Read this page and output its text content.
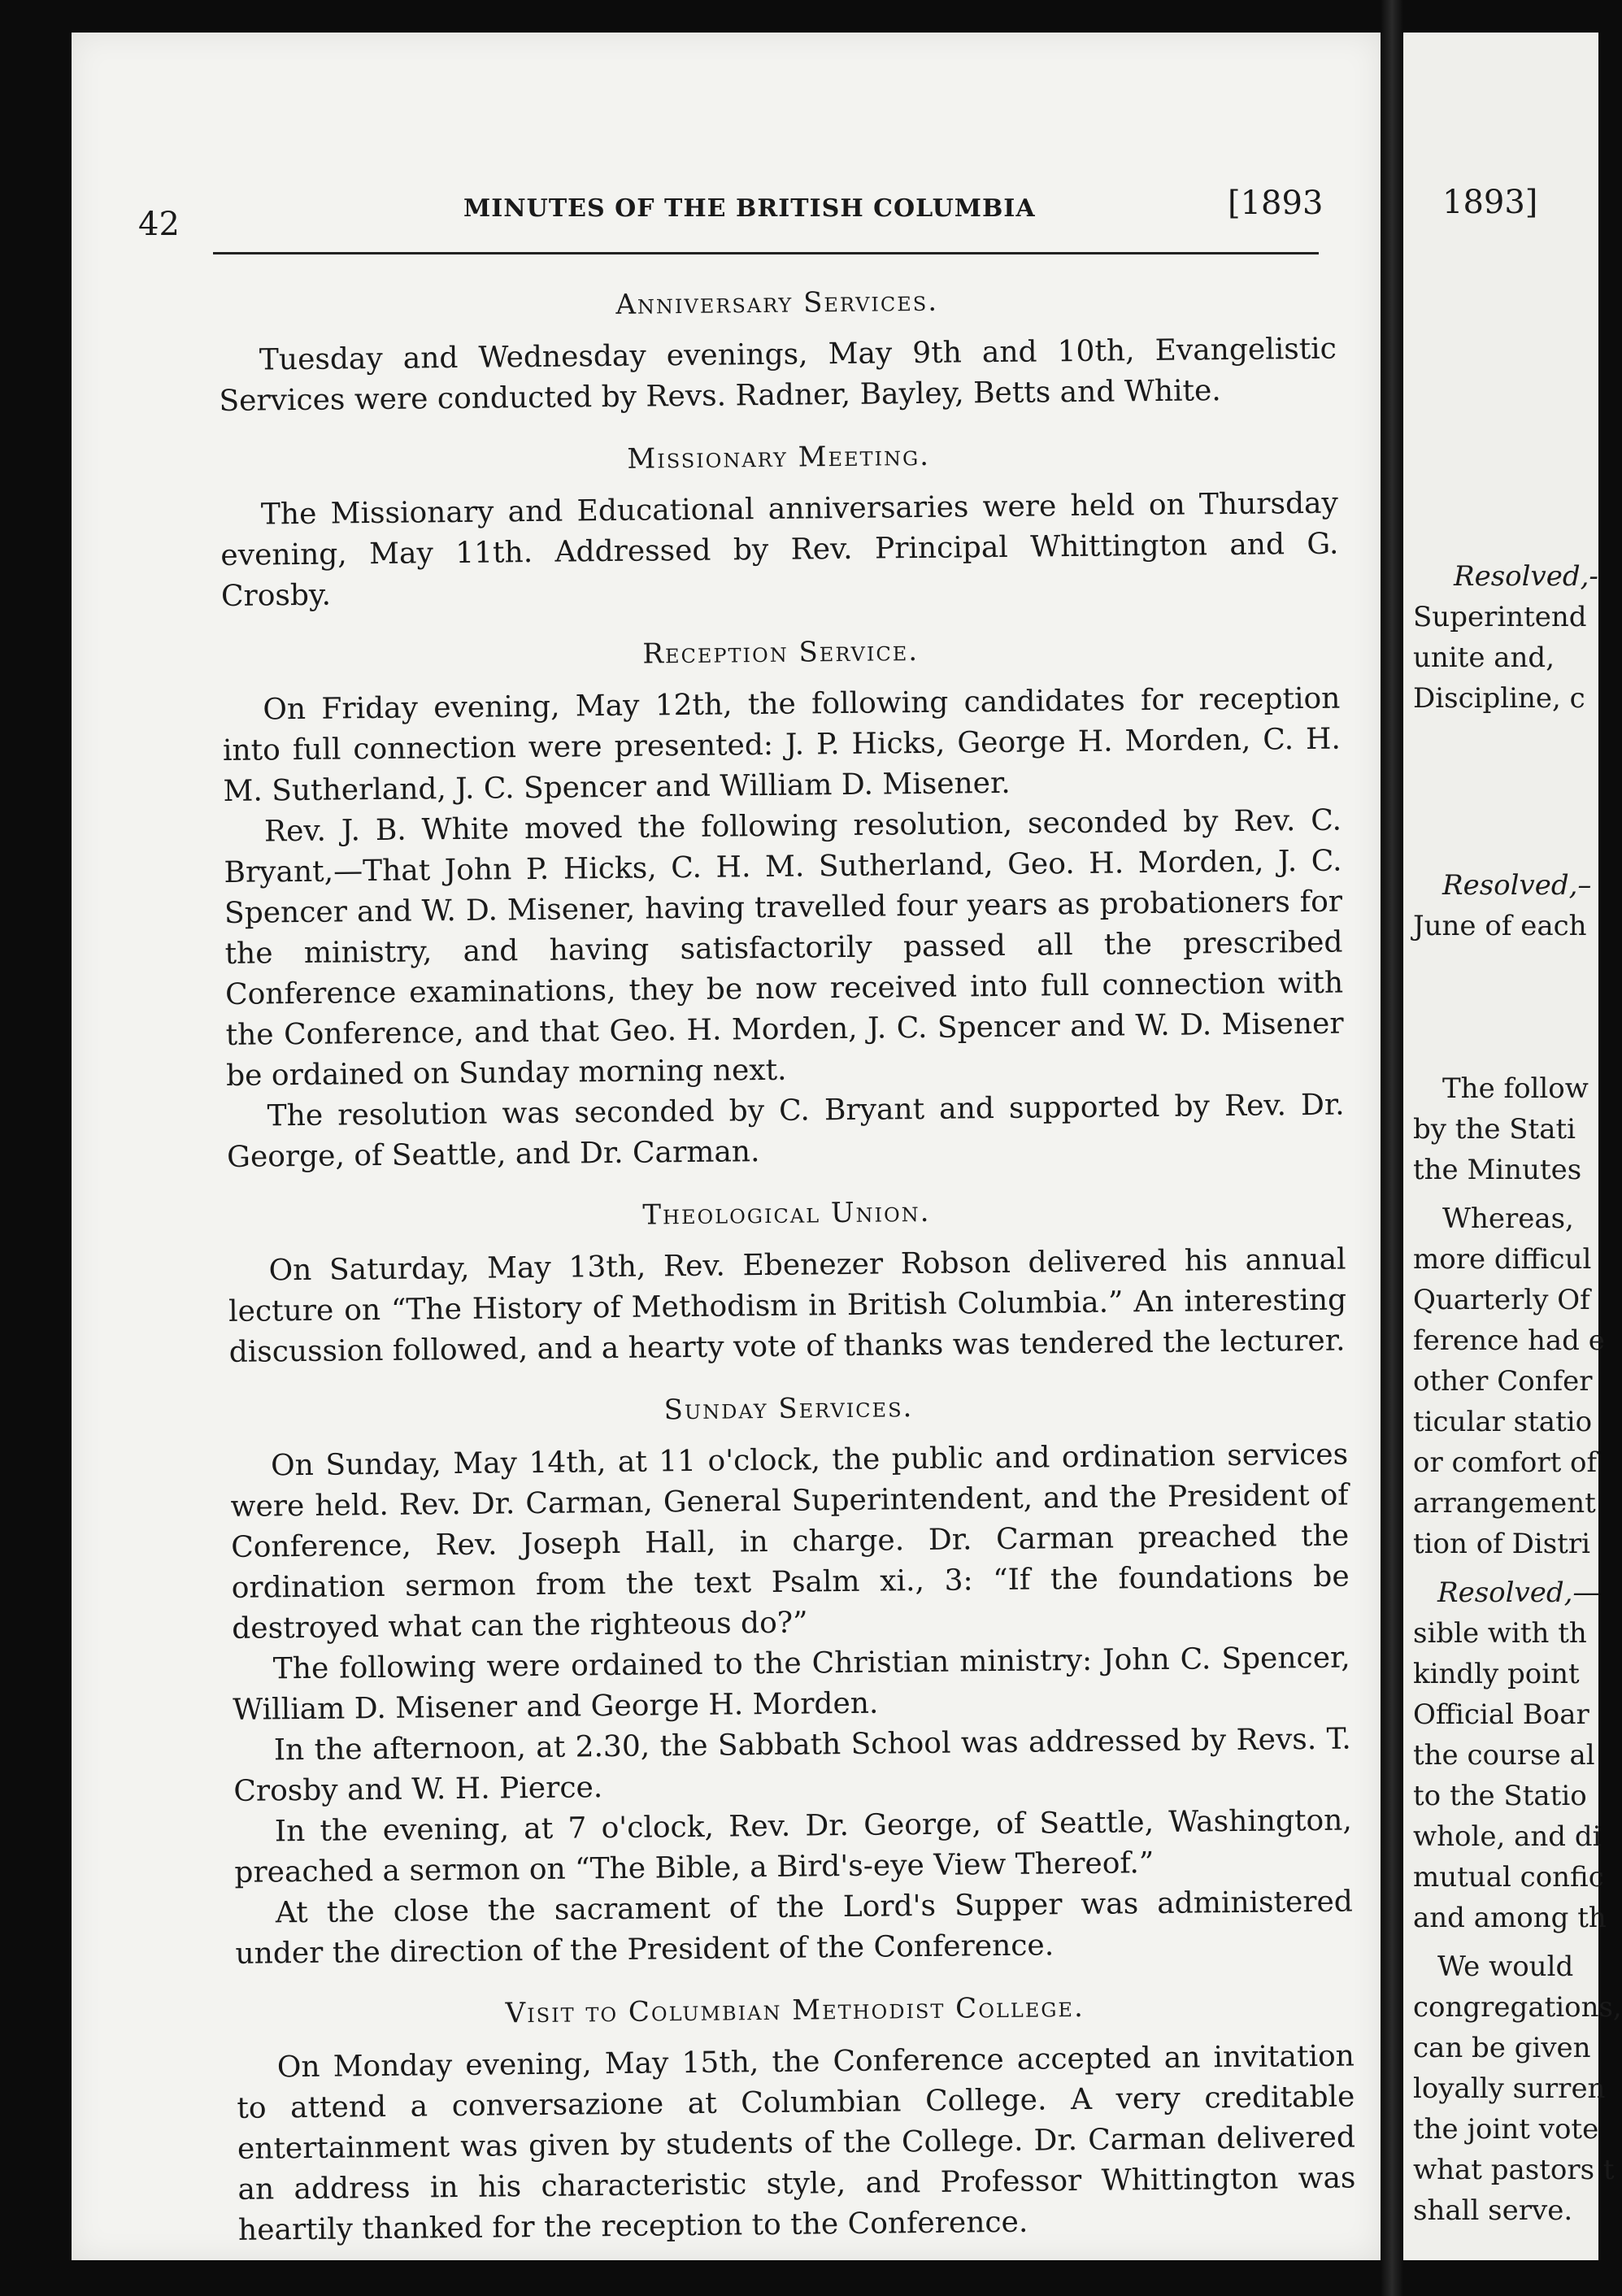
42	MINUTES OF THE BRITISH COLUMBIA	[1893
Anniversary Services.

Tuesday and Wednesday evenings, May 9th and 10th, Evangelistic Services were conducted by Revs. Radner, Bayley, Betts and White.

Missionary Meeting.

The Missionary and Educational anniversaries were held on Thursday evening, May 11th. Addressed by Rev. Principal Whittington and G. Crosby.

Reception Service.

On Friday evening, May 12th, the following candidates for reception into full connection were presented: J. P. Hicks, George H. Morden, C. H. M. Sutherland, J. C. Spencer and William D. Misener.

Rev. J. B. White moved the following resolution, seconded by Rev. C. Bryant,—That John P. Hicks, C. H. M. Sutherland, Geo. H. Morden, J. C. Spencer and W. D. Misener, having travelled four years as probationers for the ministry, and having satisfactorily passed all the prescribed Conference examinations, they be now received into full connection with the Conference, and that Geo. H. Morden, J. C. Spencer and W. D. Misener be ordained on Sunday morning next.

The resolution was seconded by C. Bryant and supported by Rev. Dr. George, of Seattle, and Dr. Carman.

Theological Union.

On Saturday, May 13th, Rev. Ebenezer Robson delivered his annual lecture on “The History of Methodism in British Columbia.” An interesting discussion followed, and a hearty vote of thanks was tendered the lecturer.

Sunday Services.

On Sunday, May 14th, at 11 o'clock, the public and ordination services were held. Rev. Dr. Carman, General Superintendent, and the President of Conference, Rev. Joseph Hall, in charge. Dr. Carman preached the ordination sermon from the text Psalm xi., 3: “If the foundations be destroyed what can the righteous do?”

The following were ordained to the Christian ministry: John C. Spencer, William D. Misener and George H. Morden.

In the afternoon, at 2.30, the Sabbath School was addressed by Revs. T. Crosby and W. H. Pierce.

In the evening, at 7 o'clock, Rev. Dr. George, of Seattle, Washington, preached a sermon on “The Bible, a Bird's-eye View Thereof.”

At the close the sacrament of the Lord's Supper was administered under the direction of the President of the Conference.

Visit to Columbian Methodist College.

On Monday evening, May 15th, the Conference accepted an invitation to attend a conversazione at Columbian College. A very creditable entertainment was given by students of the College. Dr. Carman delivered an address in his characteristic style, and Professor Whittington was heartily thanked for the reception to the Conference.

1893]
Resolved,-
Superintend
unite and,
Discipline, c
Resolved,–
June of each
The follow
by the Stati
the Minutes
Whereas,
more difficul
Quarterly Of
ference had e
other Confer
ticular statio
or comfort of
arrangement
tion of Distri
Resolved,—
sible with th
kindly point
Official Boar
the course al
to the Statio
whole, and di
mutual confic
and among th
We would
congregations,
can be given
loyally surren
the joint vote
what pastors t
shall serve.
